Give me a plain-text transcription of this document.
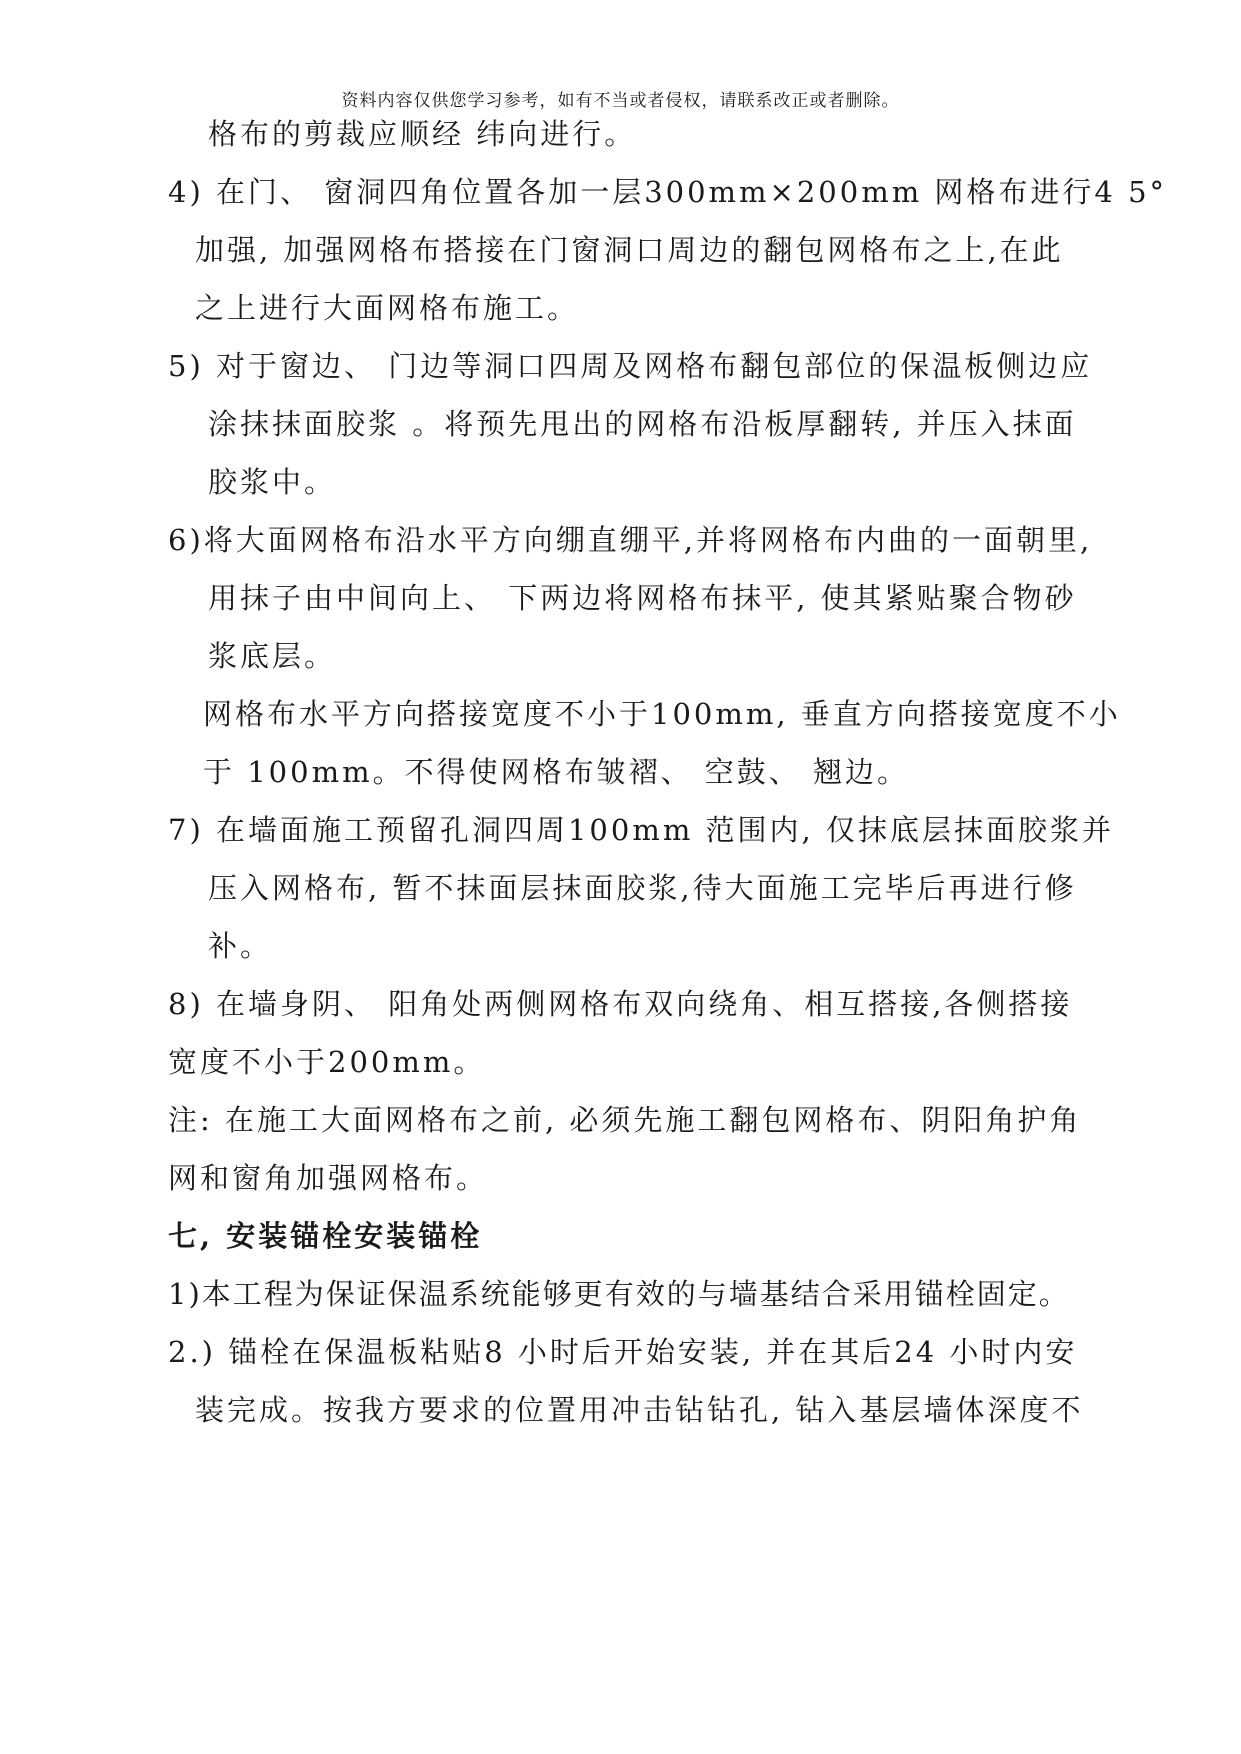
资料内容仅供您学习参考，如有不当或者侵权，请联系改正或者删除。
格布的剪裁应顺经 纬向进行。
4) 在门、 窗洞四角位置各加一层300mm×200mm 网格布进行4 5°
加强, 加强网格布搭接在门窗洞口周边的翻包网格布之上,在此
之上进行大面网格布施工。
5) 对于窗边、 门边等洞口四周及网格布翻包部位的保温板侧边应
涂抹抹面胶浆 。将预先甩出的网格布沿板厚翻转, 并压入抹面
胶浆中。
6)将大面网格布沿水平方向绷直绷平,并将网格布内曲的一面朝里,
用抹子由中间向上、 下两边将网格布抹平, 使其紧贴聚合物砂
浆底层。
网格布水平方向搭接宽度不小于100mm, 垂直方向搭接宽度不小
于 100mm。不得使网格布皱褶、 空鼓、 翘边。
7) 在墙面施工预留孔洞四周100mm 范围内, 仅抹底层抹面胶浆并
压入网格布, 暂不抹面层抹面胶浆,待大面施工完毕后再进行修
补。
8) 在墙身阴、 阳角处两侧网格布双向绕角、相互搭接,各侧搭接
宽度不小于200mm。
注: 在施工大面网格布之前, 必须先施工翻包网格布、阴阳角护角
网和窗角加强网格布。
七, 安装锚栓安装锚栓
1)本工程为保证保温系统能够更有效的与墙基结合采用锚栓固定。
2.) 锚栓在保温板粘贴8 小时后开始安装, 并在其后24 小时内安
装完成。按我方要求的位置用冲击钻钻孔, 钻入基层墙体深度不
